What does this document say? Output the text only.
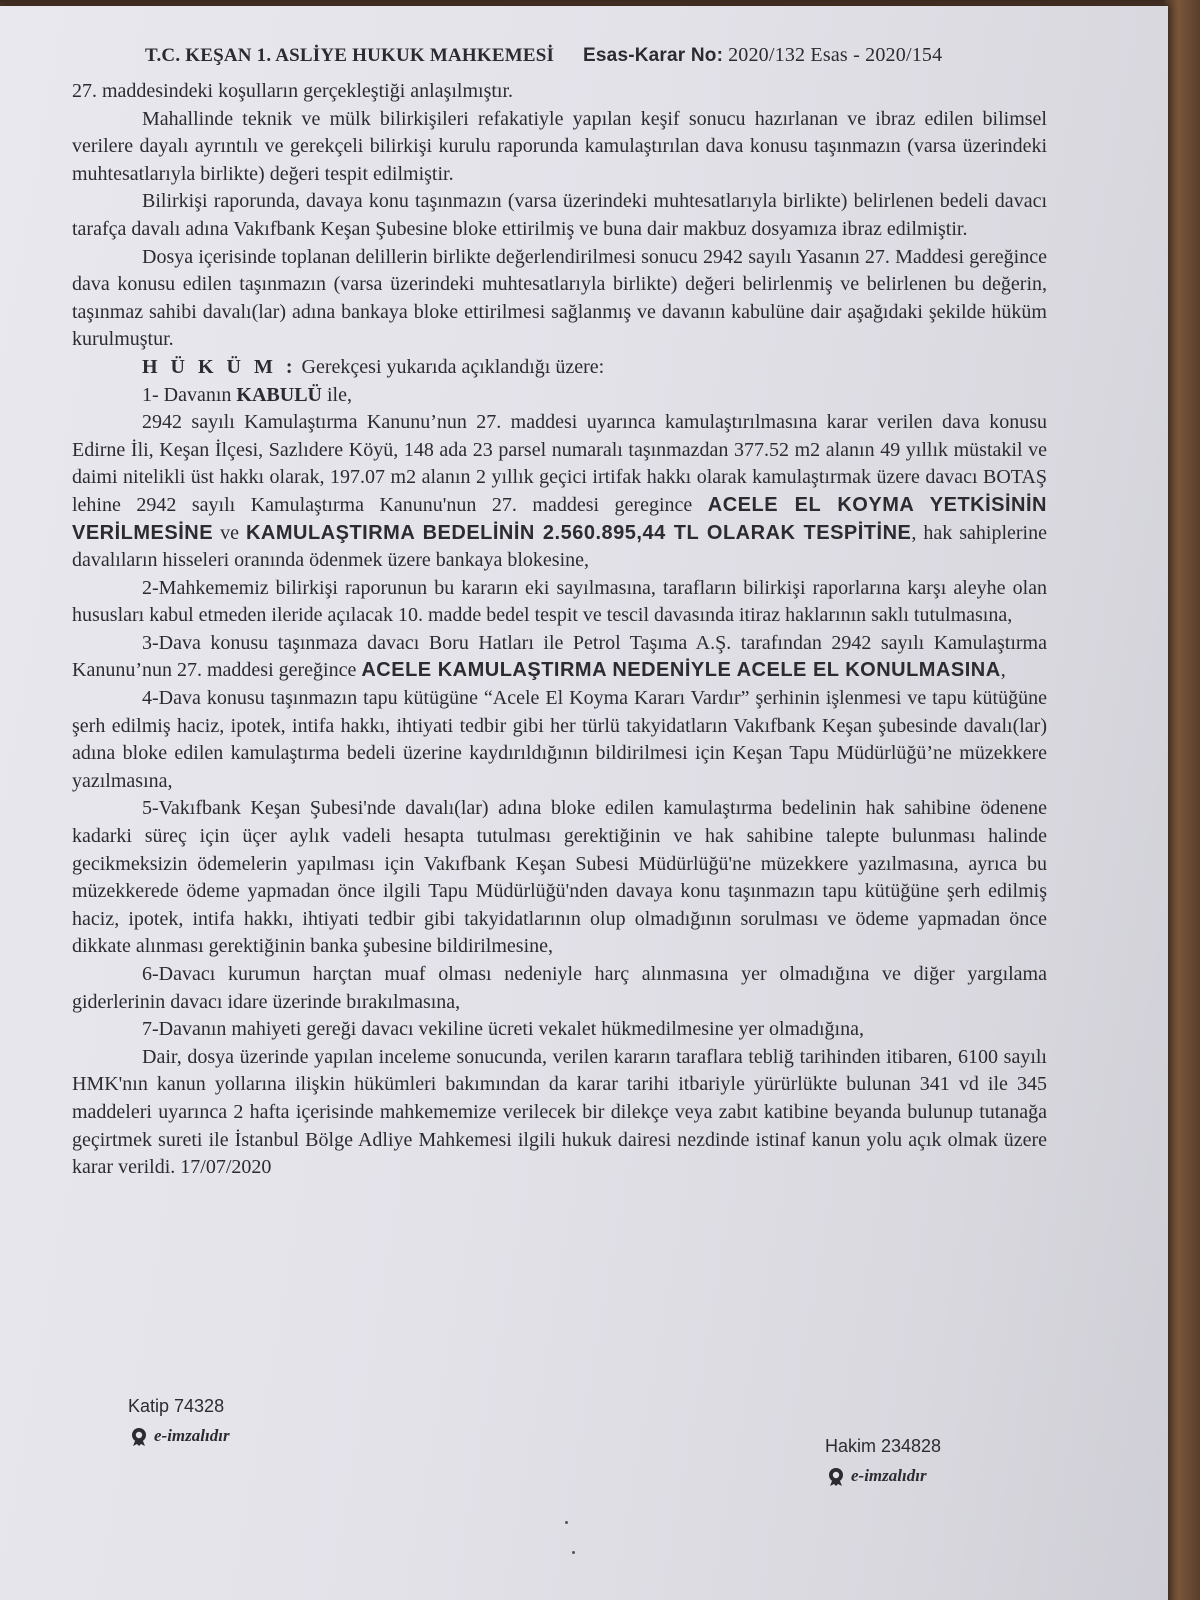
T.C. KEŞAN 1. ASLİYE HUKUK MAHKEMESİ Esas-Karar No: 2020/132 Esas - 2020/154

27. maddesindeki koşulların gerçekleştiği anlaşılmıştır.

Mahallinde teknik ve mülk bilirkişileri refakatiyle yapılan keşif sonucu hazırlanan ve ibraz edilen bilimsel verilere dayalı ayrıntılı ve gerekçeli bilirkişi kurulu raporunda kamulaştırılan dava konusu taşınmazın (varsa üzerindeki muhtesatlarıyla birlikte) değeri tespit edilmiştir.

Bilirkişi raporunda, davaya konu taşınmazın (varsa üzerindeki muhtesatlarıyla birlikte) belirlenen bedeli davacı tarafça davalı adına Vakıfbank Keşan Şubesine bloke ettirilmiş ve buna dair makbuz dosyamıza ibraz edilmiştir.

Dosya içerisinde toplanan delillerin birlikte değerlendirilmesi sonucu 2942 sayılı Yasanın 27. Maddesi gereğince dava konusu edilen taşınmazın (varsa üzerindeki muhtesatlarıyla birlikte) değeri belirlenmiş ve belirlenen bu değerin, taşınmaz sahibi davalı(lar) adına bankaya bloke ettirilmesi sağlanmış ve davanın kabulüne dair aşağıdaki şekilde hüküm kurulmuştur.

H Ü K Ü M : Gerekçesi yukarıda açıklandığı üzere:

1- Davanın KABULÜ ile,

2942 sayılı Kamulaştırma Kanunu’nun 27. maddesi uyarınca kamulaştırılmasına karar verilen dava konusu Edirne İli, Keşan İlçesi, Sazlıdere Köyü, 148 ada 23 parsel numaralı taşınmazdan 377.52 m2 alanın 49 yıllık müstakil ve daimi nitelikli üst hakkı olarak, 197.07 m2 alanın 2 yıllık geçici irtifak hakkı olarak kamulaştırmak üzere davacı BOTAŞ lehine 2942 sayılı Kamulaştırma Kanunu'nun 27. maddesi geregince ACELE EL KOYMA YETKİSİNİN VERİLMESİNE ve KAMULAŞTIRMA BEDELİNİN 2.560.895,44 TL OLARAK TESPİTİNE, hak sahiplerine davalıların hisseleri oranında ödenmek üzere bankaya blokesine,

2-Mahkememiz bilirkişi raporunun bu kararın eki sayılmasına, tarafların bilirkişi raporlarına karşı aleyhe olan hususları kabul etmeden ileride açılacak 10. madde bedel tespit ve tescil davasında itiraz haklarının saklı tutulmasına,

3-Dava konusu taşınmaza davacı Boru Hatları ile Petrol Taşıma A.Ş. tarafından 2942 sayılı Kamulaştırma Kanunu’nun 27. maddesi gereğince ACELE KAMULAŞTIRMA NEDENİYLE ACELE EL KONULMASINA,

4-Dava konusu taşınmazın tapu kütügüne “Acele El Koyma Kararı Vardır” şerhinin işlenmesi ve tapu kütüğüne şerh edilmiş haciz, ipotek, intifa hakkı, ihtiyati tedbir gibi her türlü takyidatların Vakıfbank Keşan şubesinde davalı(lar) adına bloke edilen kamulaştırma bedeli üzerine kaydırıldığının bildirilmesi için Keşan Tapu Müdürlüğü’ne müzekkere yazılmasına,

5-Vakıfbank Keşan Şubesi'nde davalı(lar) adına bloke edilen kamulaştırma bedelinin hak sahibine ödenene kadarki süreç için üçer aylık vadeli hesapta tutulması gerektiğinin ve hak sahibine talepte bulunması halinde gecikmeksizin ödemelerin yapılması için Vakıfbank Keşan Subesi Müdürlüğü'ne müzekkere yazılmasına, ayrıca bu müzekkerede ödeme yapmadan önce ilgili Tapu Müdürlüğü'nden davaya konu taşınmazın tapu kütüğüne şerh edilmiş haciz, ipotek, intifa hakkı, ihtiyati tedbir gibi takyidatlarının olup olmadığının sorulması ve ödeme yapmadan önce dikkate alınması gerektiğinin banka şubesine bildirilmesine,

6-Davacı kurumun harçtan muaf olması nedeniyle harç alınmasına yer olmadığına ve diğer yargılama giderlerinin davacı idare üzerinde bırakılmasına,

7-Davanın mahiyeti gereği davacı vekiline ücreti vekalet hükmedilmesine yer olmadığına,

Dair, dosya üzerinde yapılan inceleme sonucunda, verilen kararın taraflara tebliğ tarihinden itibaren, 6100 sayılı HMK'nın kanun yollarına ilişkin hükümleri bakımından da karar tarihi itbariyle yürürlükte bulunan 341 vd ile 345 maddeleri uyarınca 2 hafta içerisinde mahkememize verilecek bir dilekçe veya zabıt katibine beyanda bulunup tutanağa geçirtmek sureti ile İstanbul Bölge Adliye Mahkemesi ilgili hukuk dairesi nezdinde istinaf kanun yolu açık olmak üzere karar verildi. 17/07/2020

Katip 74328
e-imzalıdır
Hakim 234828
e-imzalıdır
